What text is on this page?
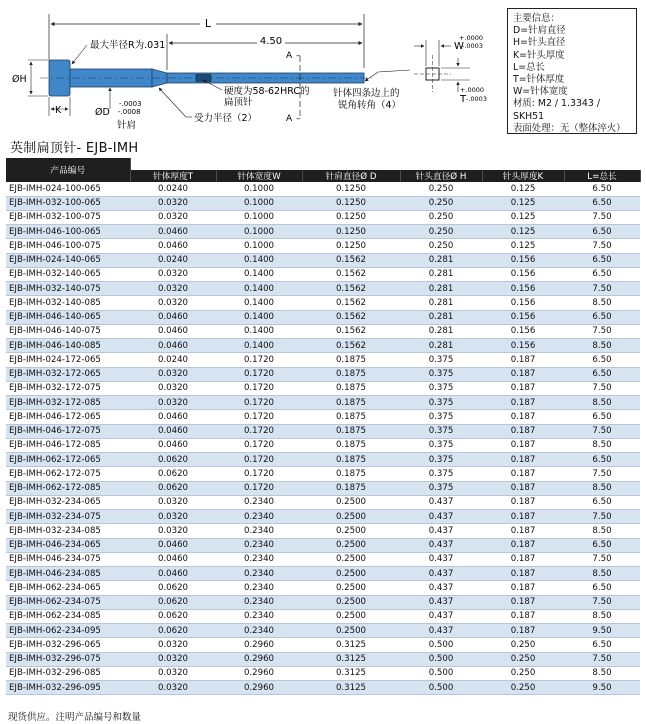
L
4.50
A –
A –
ØH
K
-.0003
ØD -.0008
针肩
最大半径R为.031
硬度为58-62HRC的
扁顶针
受力半径（2）
针体四条边上的
锐角转角（4）
W
+.0000
-.0003
T
+.0000
-.0003
主要信息：
D=针肩直径
H=针头直径
K=针头厚度
L=总长
T=针体厚度
W=针体宽度
材质: M2 / 1.3343 /
SKH51
表面处理：无（整体淬火）
英制扁顶针- EJB-IMH
产品编号						
	针体厚度T	针体宽度W	针肩直径Ø D	针头直径Ø H	针头厚度K	L=总长
EJB-IMH-024-100-065	0.0240	0.1000	0.1250	0.250	0.125	6.50
EJB-IMH-032-100-065	0.0320	0.1000	0.1250	0.250	0.125	6.50
EJB-IMH-032-100-075	0.0320	0.1000	0.1250	0.250	0.125	7.50
EJB-IMH-046-100-065	0.0460	0.1000	0.1250	0.250	0.125	6.50
EJB-IMH-046-100-075	0.0460	0.1000	0.1250	0.250	0.125	7.50
EJB-IMH-024-140-065	0.0240	0.1400	0.1562	0.281	0.156	6.50
EJB-IMH-032-140-065	0.0320	0.1400	0.1562	0.281	0.156	6.50
EJB-IMH-032-140-075	0.0320	0.1400	0.1562	0.281	0.156	7.50
EJB-IMH-032-140-085	0.0320	0.1400	0.1562	0.281	0.156	8.50
EJB-IMH-046-140-065	0.0460	0.1400	0.1562	0.281	0.156	6.50
EJB-IMH-046-140-075	0.0460	0.1400	0.1562	0.281	0.156	7.50
EJB-IMH-046-140-085	0.0460	0.1400	0.1562	0.281	0.156	8.50
EJB-IMH-024-172-065	0.0240	0.1720	0.1875	0.375	0.187	6.50
EJB-IMH-032-172-065	0.0320	0.1720	0.1875	0.375	0.187	6.50
EJB-IMH-032-172-075	0.0320	0.1720	0.1875	0.375	0.187	7.50
EJB-IMH-032-172-085	0.0320	0.1720	0.1875	0.375	0.187	8.50
EJB-IMH-046-172-065	0.0460	0.1720	0.1875	0.375	0.187	6.50
EJB-IMH-046-172-075	0.0460	0.1720	0.1875	0.375	0.187	7.50
EJB-IMH-046-172-085	0.0460	0.1720	0.1875	0.375	0.187	8.50
EJB-IMH-062-172-065	0.0620	0.1720	0.1875	0.375	0.187	6.50
EJB-IMH-062-172-075	0.0620	0.1720	0.1875	0.375	0.187	7.50
EJB-IMH-062-172-085	0.0620	0.1720	0.1875	0.375	0.187	8.50
EJB-IMH-032-234-065	0.0320	0.2340	0.2500	0.437	0.187	6.50
EJB-IMH-032-234-075	0.0320	0.2340	0.2500	0.437	0.187	7.50
EJB-IMH-032-234-085	0.0320	0.2340	0.2500	0.437	0.187	8.50
EJB-IMH-046-234-065	0.0460	0.2340	0.2500	0.437	0.187	6.50
EJB-IMH-046-234-075	0.0460	0.2340	0.2500	0.437	0.187	7.50
EJB-IMH-046-234-085	0.0460	0.2340	0.2500	0.437	0.187	8.50
EJB-IMH-062-234-065	0.0620	0.2340	0.2500	0.437	0.187	6.50
EJB-IMH-062-234-075	0.0620	0.2340	0.2500	0.437	0.187	7.50
EJB-IMH-062-234-085	0.0620	0.2340	0.2500	0.437	0.187	8.50
EJB-IMH-062-234-095	0.0620	0.2340	0.2500	0.437	0.187	9.50
EJB-IMH-032-296-065	0.0320	0.2960	0.3125	0.500	0.250	6.50
EJB-IMH-032-296-075	0.0320	0.2960	0.3125	0.500	0.250	7.50
EJB-IMH-032-296-085	0.0320	0.2960	0.3125	0.500	0.250	8.50
EJB-IMH-032-296-095	0.0320	0.2960	0.3125	0.500	0.250	9.50
现货供应。注明产品编号和数量
